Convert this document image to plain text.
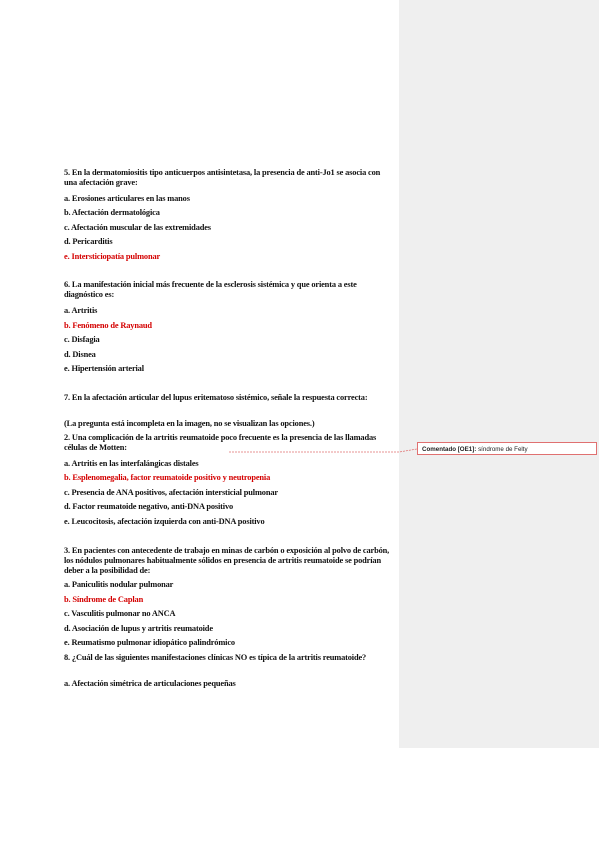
5. En la dermatomiositis tipo anticuerpos antisintetasa, la presencia de anti-Jo1 se asocia con una afectación grave:
a. Erosiones articulares en las manos
b. Afectación dermatológica
c. Afectación muscular de las extremidades
d. Pericarditis
e. Intersticiopatía pulmonar
6. La manifestación inicial más frecuente de la esclerosis sistémica y que orienta a este diagnóstico es:
a. Artritis
b. Fenómeno de Raynaud
c. Disfagia
d. Disnea
e. Hipertensión arterial
7. En la afectación articular del lupus eritematoso sistémico, señale la respuesta correcta:
(La pregunta está incompleta en la imagen, no se visualizan las opciones.)
2. Una complicación de la artritis reumatoide poco frecuente es la presencia de las llamadas células de Motten:
a. Artritis en las interfalángicas distales
b. Esplenomegalia, factor reumatoide positivo y neutropenia
c. Presencia de ANA positivos, afectación intersticial pulmonar
d. Factor reumatoide negativo, anti-DNA positivo
e. Leucocitosis, afectación izquierda con anti-DNA positivo
3. En pacientes con antecedente de trabajo en minas de carbón o exposición al polvo de carbón, los nódulos pulmonares habitualmente sólidos en presencia de artritis reumatoide se podrían deber a la posibilidad de:
a. Paniculitis nodular pulmonar
b. Síndrome de Caplan
c. Vasculitis pulmonar no ANCA
d. Asociación de lupus y artritis reumatoide
e. Reumatismo pulmonar idiopático palindrómico
8. ¿Cuál de las siguientes manifestaciones clínicas NO es típica de la artritis reumatoide?
a. Afectación simétrica de articulaciones pequeñas
Comentado [OE1]: síndrome de Felty
